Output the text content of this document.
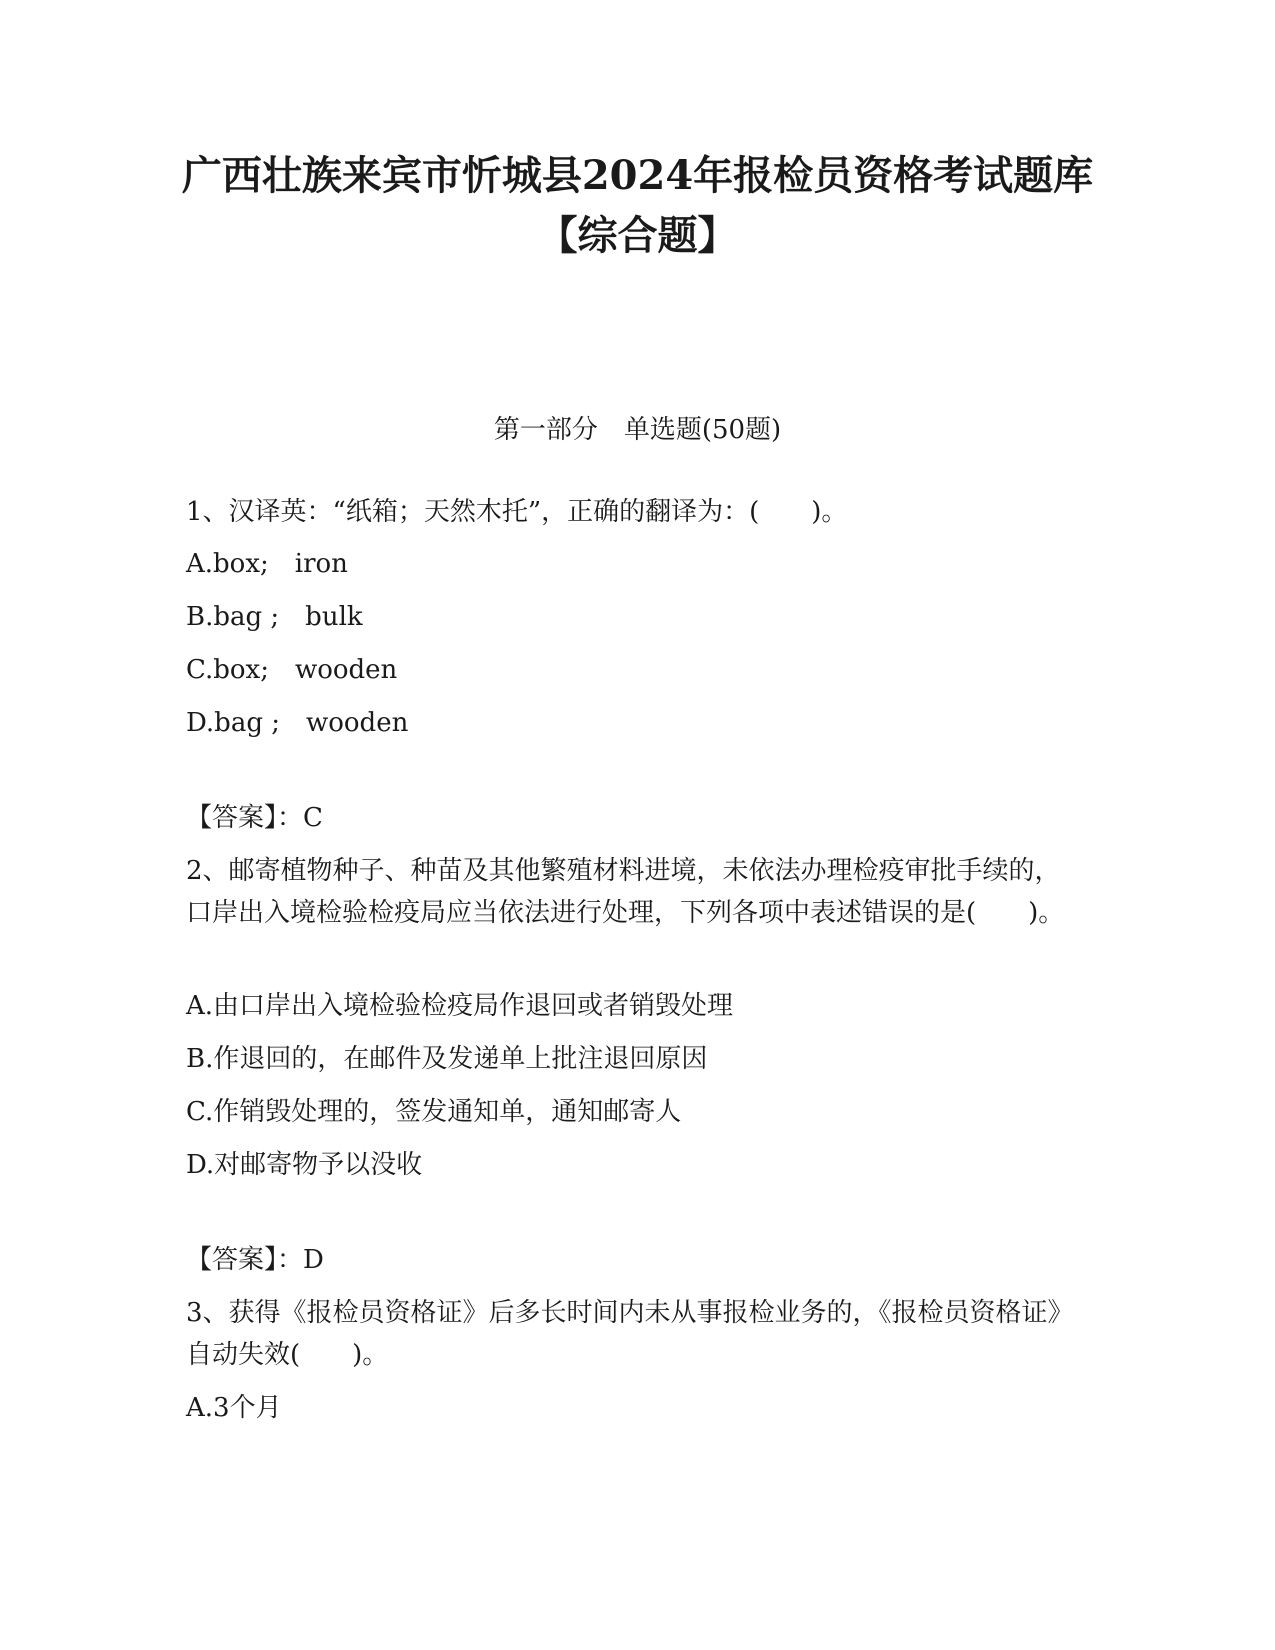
广西壮族来宾市忻城县2024年报检员资格考试题库【综合题】
第一部分　单选题(50题)
1、汉译英：“纸箱；天然木托”，正确的翻译为：(　　)。
A.box;　iron
B.bag ;　bulk
C.box;　wooden
D.bag ;　wooden
【答案】：C
2、邮寄植物种子、种苗及其他繁殖材料进境，未依法办理检疫审批手续的，口岸出入境检验检疫局应当依法进行处理，下列各项中表述错误的是(　　)。
A.由口岸出入境检验检疫局作退回或者销毁处理
B.作退回的，在邮件及发递单上批注退回原因
C.作销毁处理的，签发通知单，通知邮寄人
D.对邮寄物予以没收
【答案】：D
3、获得《报检员资格证》后多长时间内未从事报检业务的，《报检员资格证》自动失效(　　)。
A.3个月
